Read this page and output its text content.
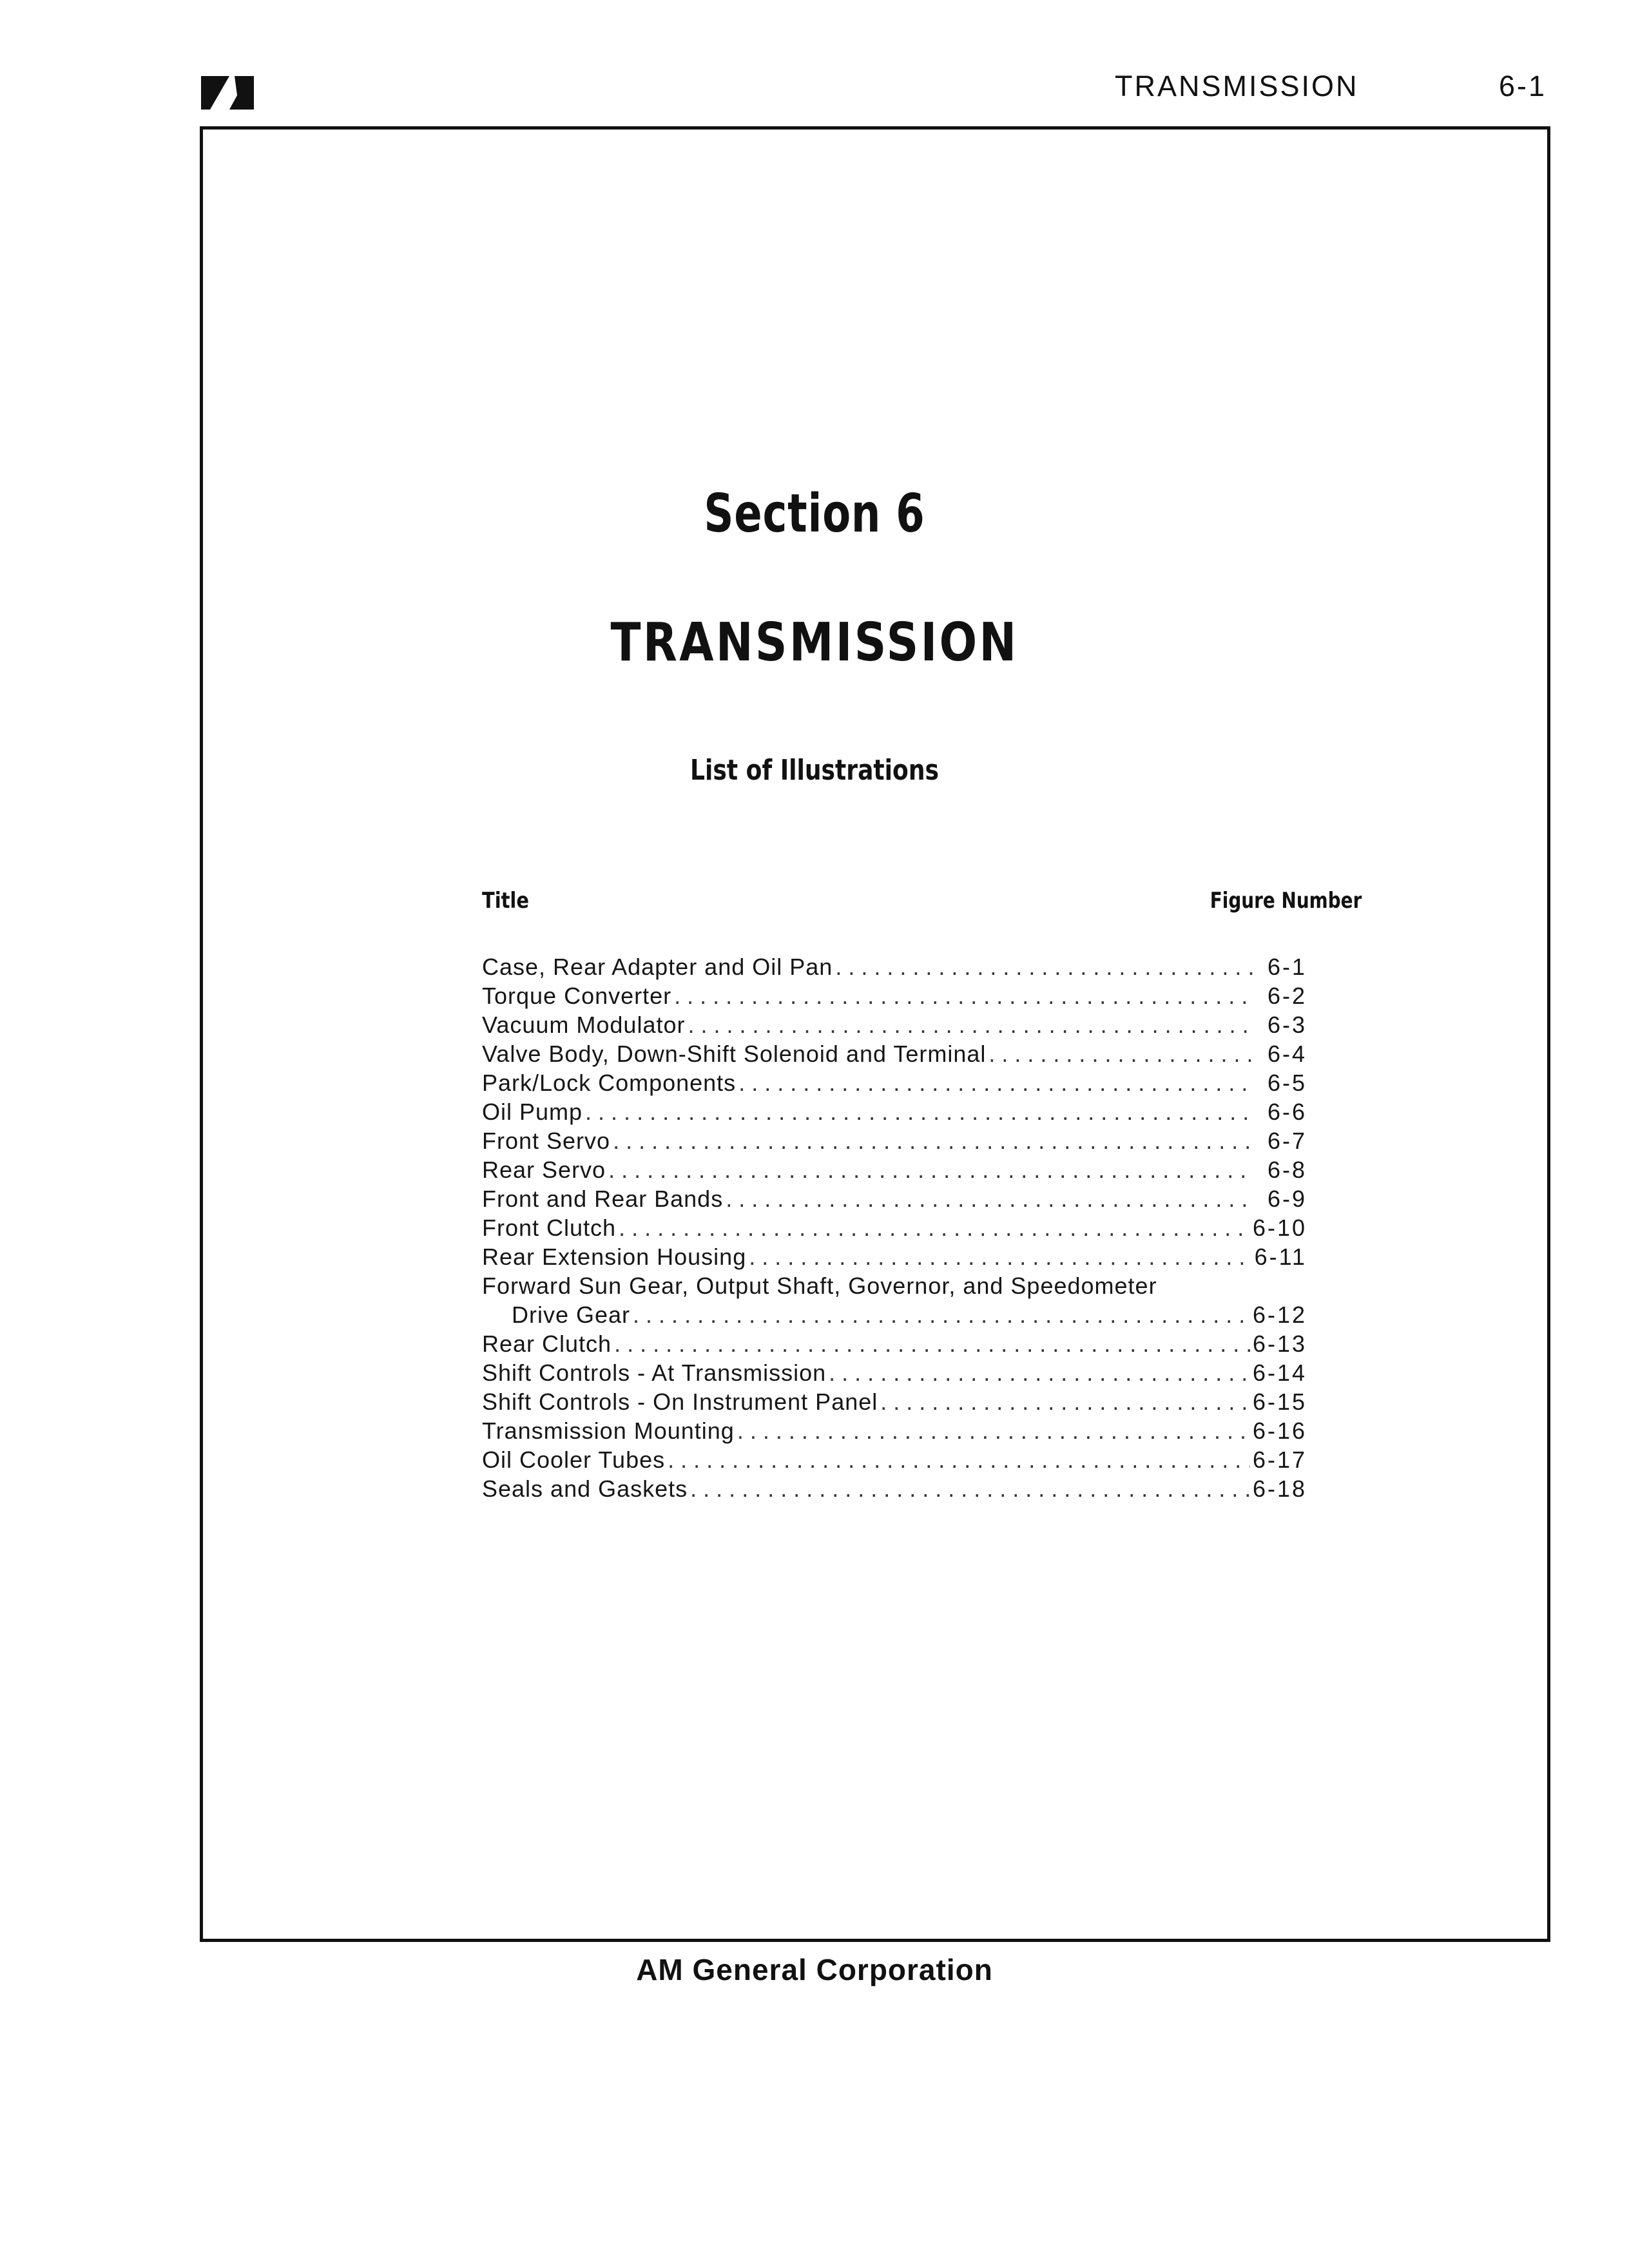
TRANSMISSION	6-1
Section 6
TRANSMISSION
List of Illustrations
Title	Figure Number
Case, Rear Adapter and Oil Pan . . .	6-1
Torque Converter . . .	6-2
Vacuum Modulator . . .	6-3
Valve Body, Down-Shift Solenoid and Terminal . . .	6-4
Park/Lock Components . . .	6-5
Oil Pump . . .	6-6
Front Servo . . .	6-7
Rear Servo . . .	6-8
Front and Rear Bands . . .	6-9
Front Clutch . . .	6-10
Rear Extension Housing . . .	6-11
Forward Sun Gear, Output Shaft, Governor, and Speedometer
Drive Gear . . .	6-12
Rear Clutch . . .	6-13
Shift Controls - At Transmission . . .	6-14
Shift Controls - On Instrument Panel . . .	6-15
Transmission Mounting . . .	6-16
Oil Cooler Tubes . . .	6-17
Seals and Gaskets . . .	6-18
AM General Corporation
